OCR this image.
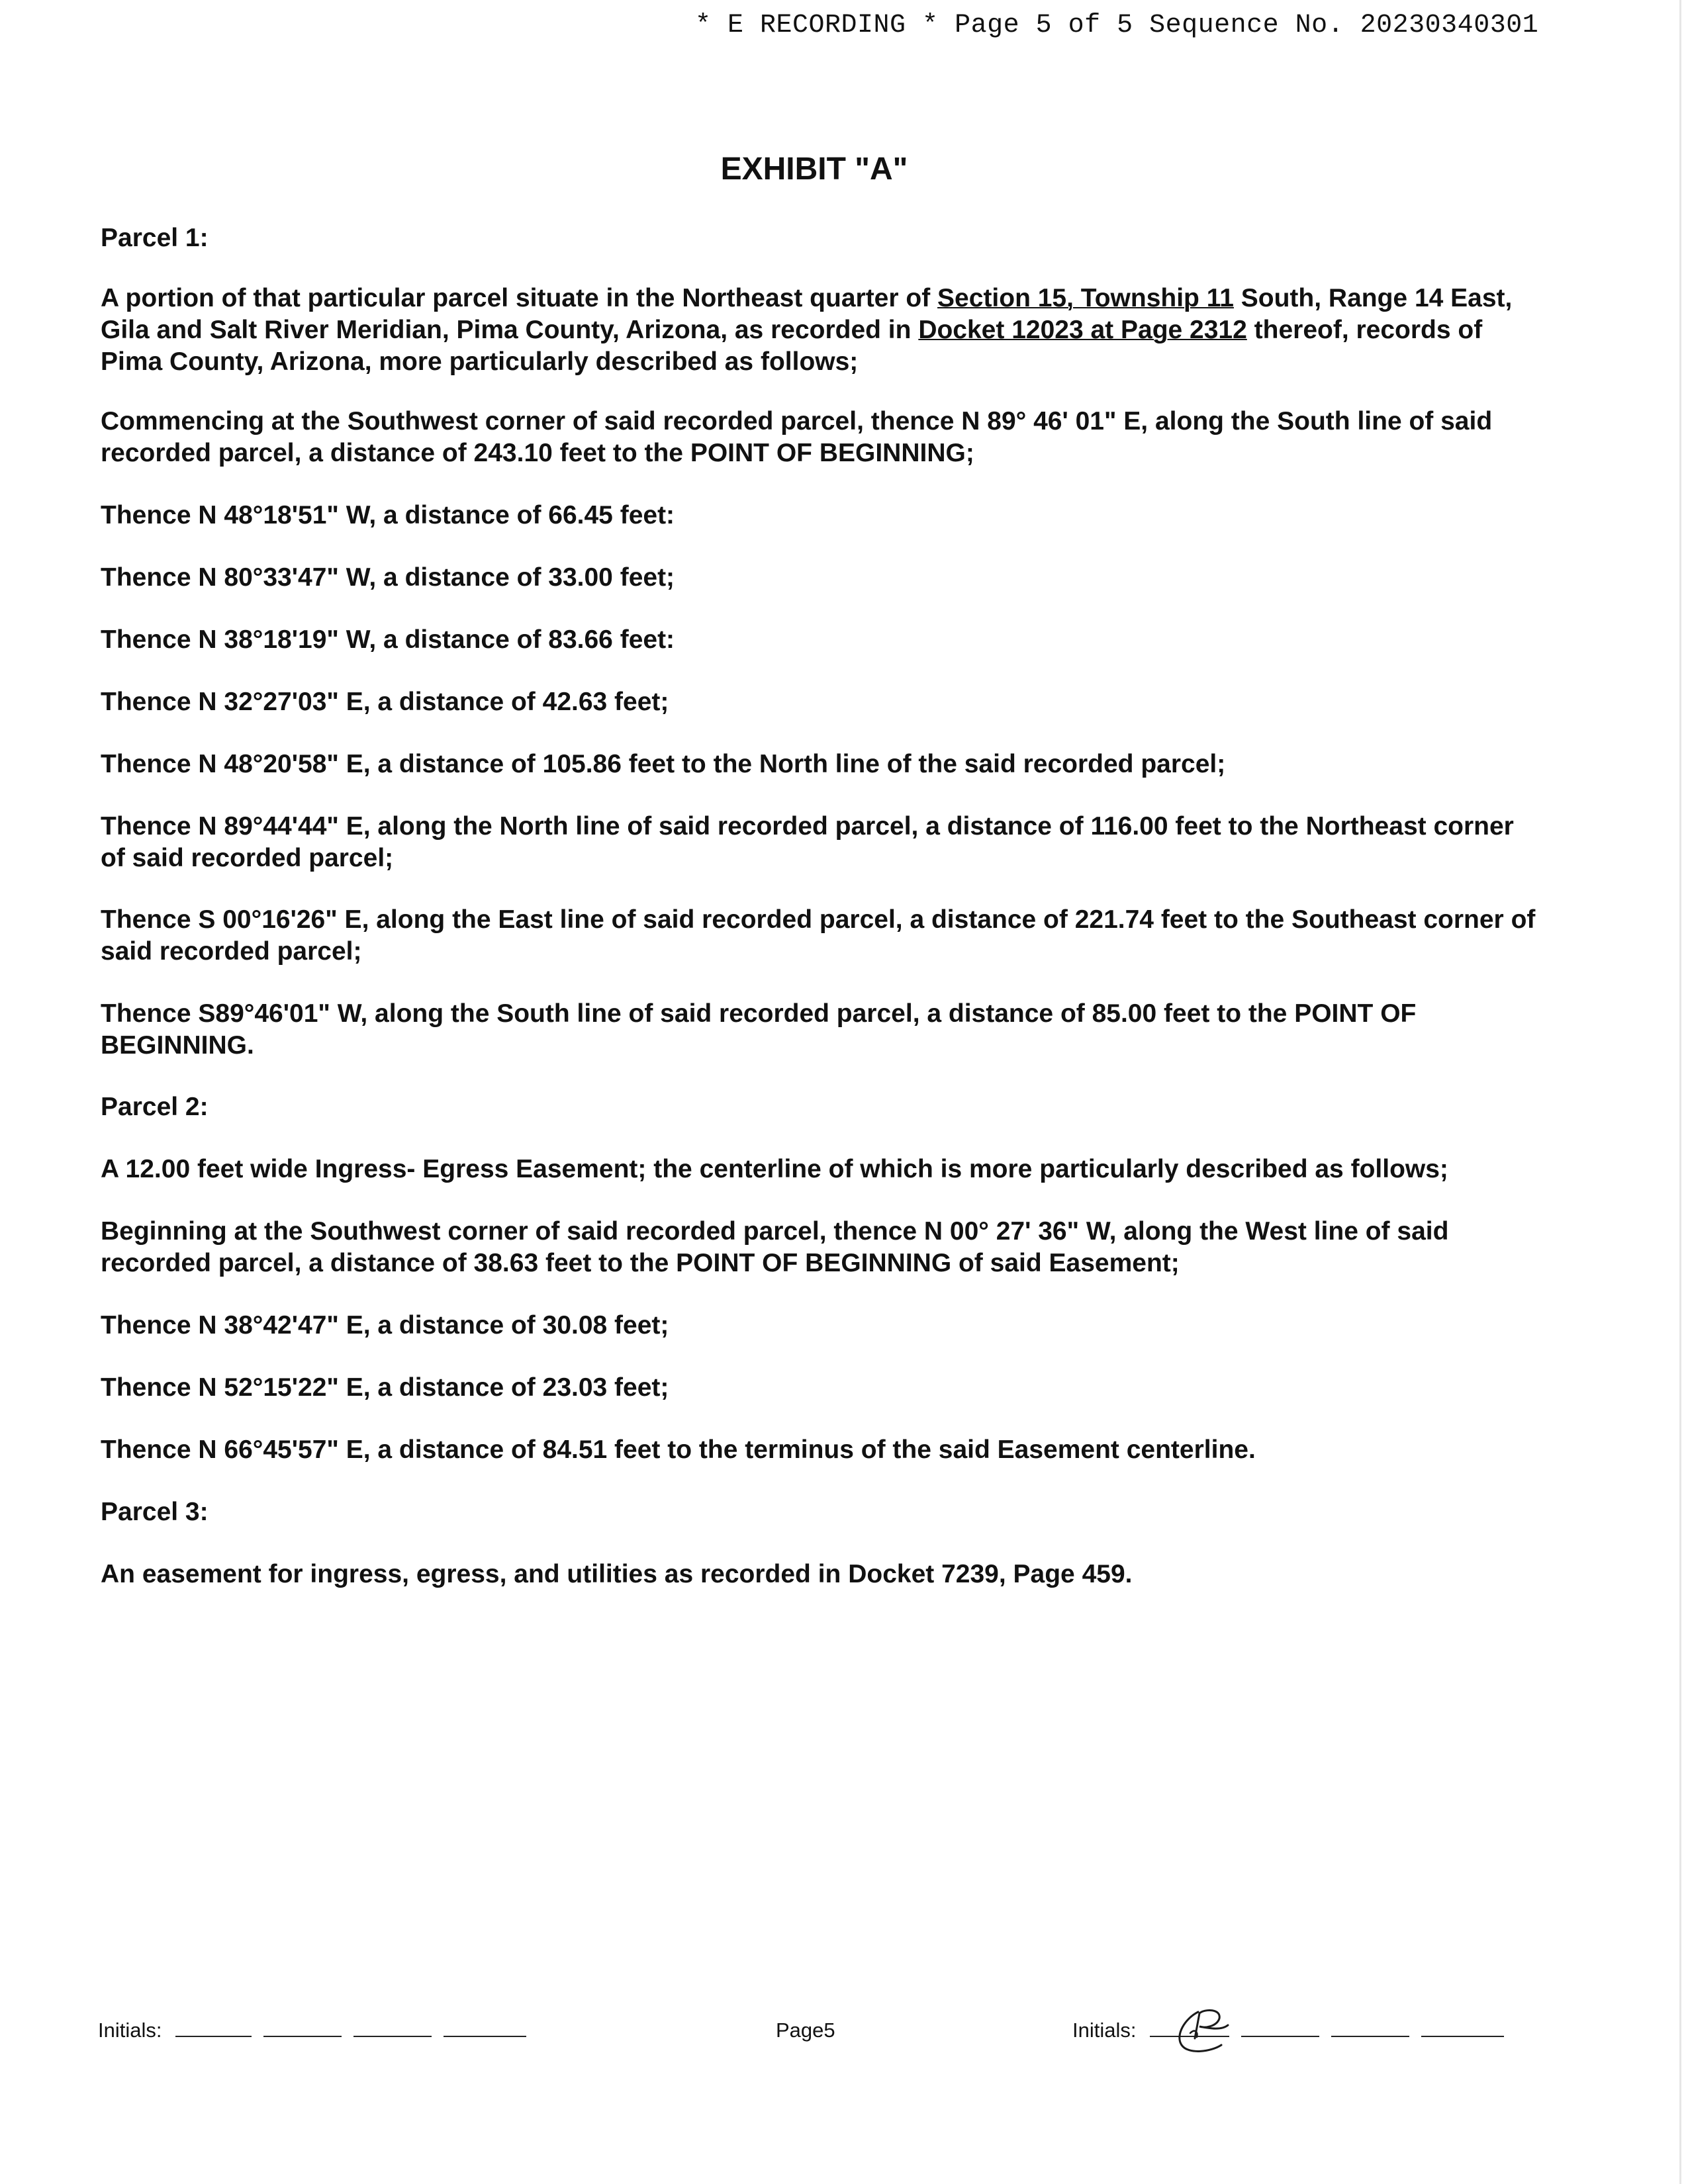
* E RECORDING * Page 5 of 5 Sequence No. 20230340301
EXHIBIT "A"

Parcel 1:

A portion of that particular parcel situate in the Northeast quarter of Section 15, Township 11 South, Range 14 East, Gila and Salt River Meridian, Pima County, Arizona, as recorded in Docket 12023 at Page 2312 thereof, records of Pima County, Arizona, more particularly described as follows;

Commencing at the Southwest corner of said recorded parcel, thence N 89° 46' 01" E, along the South line of said recorded parcel, a distance of 243.10 feet to the POINT OF BEGINNING;

Thence N 48°18'51" W, a distance of 66.45 feet:

Thence N 80°33'47" W, a distance of 33.00 feet;

Thence N 38°18'19" W, a distance of 83.66 feet:

Thence N 32°27'03" E, a distance of 42.63 feet;

Thence N 48°20'58" E, a distance of 105.86 feet to the North line of the said recorded parcel;

Thence N 89°44'44" E, along the North line of said recorded parcel, a distance of 116.00 feet to the Northeast corner of said recorded parcel;

Thence S 00°16'26" E, along the East line of said recorded parcel, a distance of 221.74 feet to the Southeast corner of said recorded parcel;

Thence S89°46'01" W, along the South line of said recorded parcel, a distance of 85.00 feet to the POINT OF BEGINNING.

Parcel 2:

A 12.00 feet wide Ingress- Egress Easement; the centerline of which is more particularly described as follows;

Beginning at the Southwest corner of said recorded parcel, thence N 00° 27' 36" W, along the West line of said recorded parcel, a distance of 38.63 feet to the POINT OF BEGINNING of said Easement;

Thence N 38°42'47" E, a distance of 30.08 feet;

Thence N 52°15'22" E, a distance of 23.03 feet;

Thence N 66°45'57" E, a distance of 84.51 feet to the terminus of the said Easement centerline.

Parcel 3:

An easement for ingress, egress, and utilities as recorded in Docket 7239, Page 459.

Initials:	Page5	Initials:
